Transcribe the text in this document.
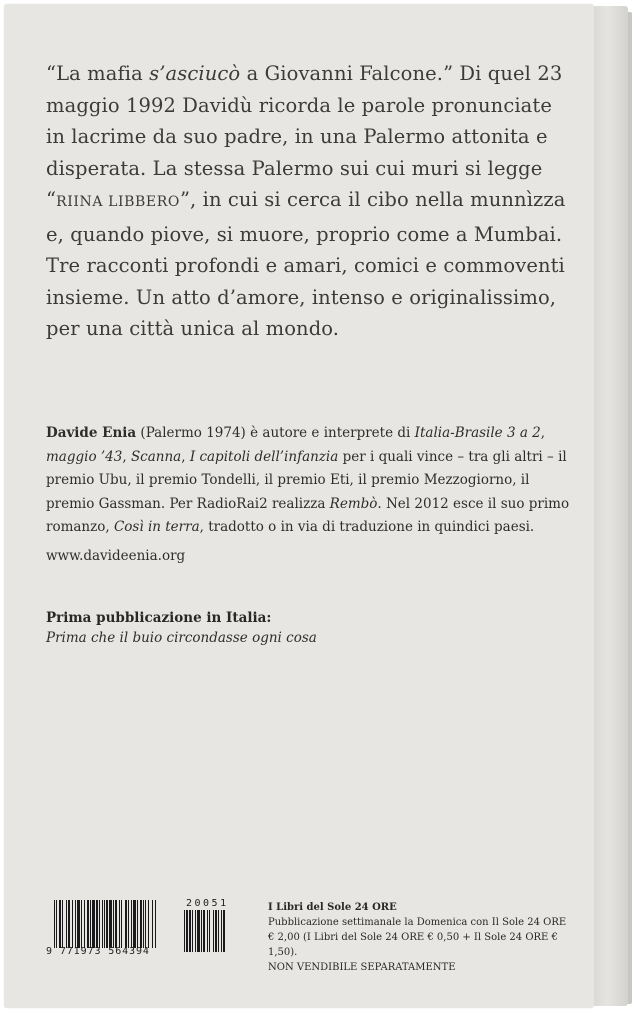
“La mafia s’asciucò a Giovanni Falcone.” Di quel 23 maggio 1992 Davidù ricorda le parole pronunciate in lacrime da suo padre, in una Palermo attonita e disperata. La stessa Palermo sui cui muri si legge “RIINA LIBBERO”, in cui si cerca il cibo nella munnìzza e, quando piove, si muore, proprio come a Mumbai. Tre racconti profondi e amari, comici e commoventi insieme. Un atto d’amore, intenso e originalissimo, per una città unica al mondo.

Davide Enia (Palermo 1974) è autore e interprete di Italia-Brasile 3 a 2, maggio ’43, Scanna, I capitoli dell’infanzia per i quali vince – tra gli altri – il premio Ubu, il premio Tondelli, il premio Eti, il premio Mezzogiorno, il premio Gassman. Per RadioRai2 realizza Rembò. Nel 2012 esce il suo primo romanzo, Così in terra, tradotto o in via di traduzione in quindici paesi.

www.davideenia.org
Prima pubblicazione in Italia:
Prima che il buio circondasse ogni cosa
9 771973 564394
20051	I Libri del Sole 24 ORE
Pubblicazione settimanale la Domenica con Il Sole 24 ORE
€ 2,00 (I Libri del Sole 24 ORE € 0,50 + Il Sole 24 ORE € 1,50).
NON VENDIBILE SEPARATAMENTE
